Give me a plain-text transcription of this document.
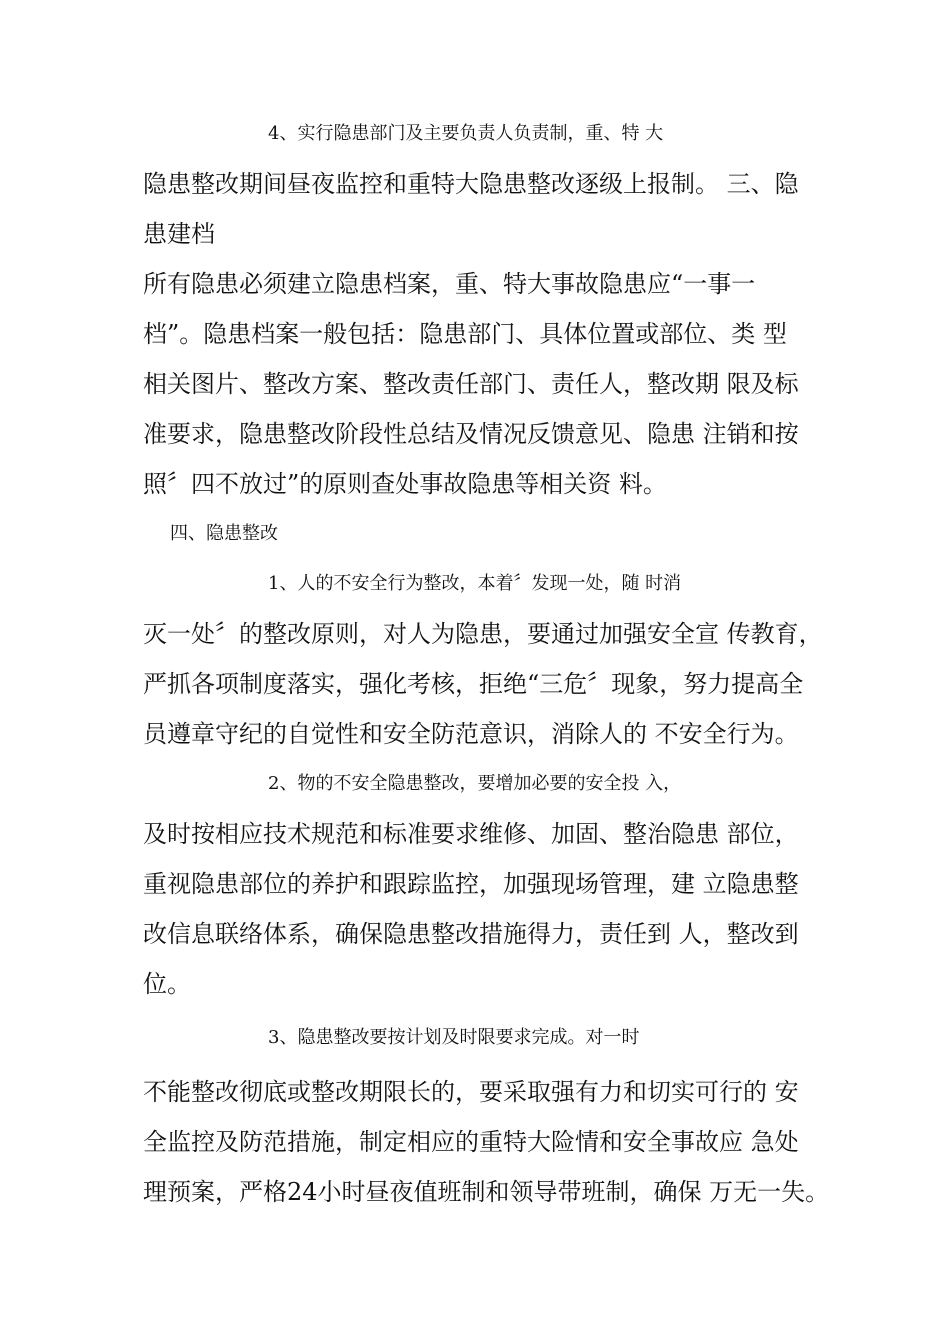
4、实行隐患部门及主要负责人负责制，重、特 大
隐患整改期间昼夜监控和重特大隐患整改逐级上报制。 三、隐
患建档
所有隐患必须建立隐患档案，重、特大事故隐患应“一事一
档”。隐患档案一般包括：隐患部门、具体位置或部位、类 型
相关图片、整改方案、整改责任部门、责任人，整改期 限及标
准要求，隐患整改阶段性总结及情况反馈意见、隐患 注销和按
照〞四不放过”的原则查处事故隐患等相关资 料。
四、隐患整改
1、人的不安全行为整改，本着〞发现一处，随 时消
灭一处〞的整改原则，对人为隐患，要通过加强安全宣 传教育，
严抓各项制度落实，强化考核，拒绝“三危〞现象，努力提高全
员遵章守纪的自觉性和安全防范意识，消除人的 不安全行为。
2、物的不安全隐患整改，要增加必要的安全投 入，
及时按相应技术规范和标准要求维修、加固、整治隐患 部位，
重视隐患部位的养护和跟踪监控，加强现场管理，建 立隐患整
改信息联络体系，确保隐患整改措施得力，责任到 人，整改到
位。
3、隐患整改要按计划及时限要求完成。对一时
不能整改彻底或整改期限长的，要采取强有力和切实可行的 安
全监控及防范措施，制定相应的重特大险情和安全事故应 急处
理预案，严格24小时昼夜值班制和领导带班制，确保 万无一失。
